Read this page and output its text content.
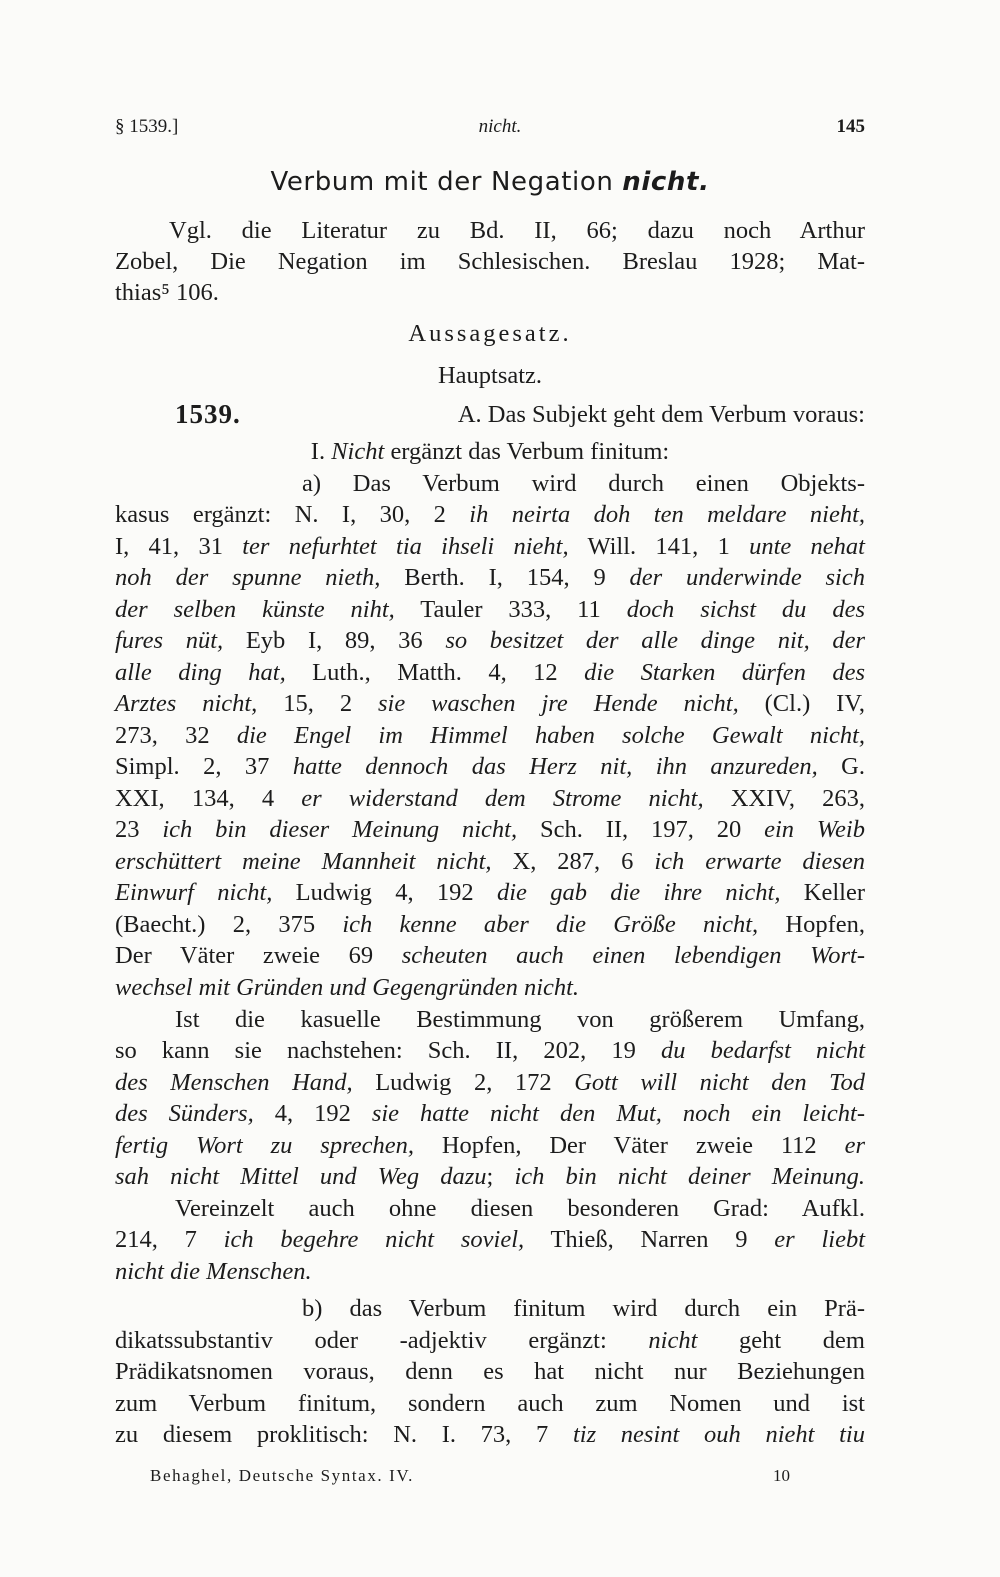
§ 1539.]	nicht.	145
Verbum mit der Negation nicht.
Vgl. die Literatur zu Bd. II, 66; dazu noch Arthur
Zobel, Die Negation im Schlesischen. Breslau 1928; Mat-
thias⁵ 106.
Aussagesatz.
Hauptsatz.
1539.	A. Das Subjekt geht dem Verbum voraus:
I. Nicht ergänzt das Verbum finitum:
a) Das Verbum wird durch einen Objekts-
kasus ergänzt: N. I, 30, 2 ih neirta doh ten meldare nieht,
I, 41, 31 ter nefurhtet tia ihseli nieht, Will. 141, 1 unte nehat
noh der spunne nieth, Berth. I, 154, 9 der underwinde sich
der selben künste niht, Tauler 333, 11 doch sichst du des
fures nüt, Eyb I, 89, 36 so besitzet der alle dinge nit, der
alle ding hat, Luth., Matth. 4, 12 die Starken dürfen des
Arztes nicht, 15, 2 sie waschen jre Hende nicht, (Cl.) IV,
273, 32 die Engel im Himmel haben solche Gewalt nicht,
Simpl. 2, 37 hatte dennoch das Herz nit, ihn anzureden, G.
XXI, 134, 4 er widerstand dem Strome nicht, XXIV, 263,
23 ich bin dieser Meinung nicht, Sch. II, 197, 20 ein Weib
erschüttert meine Mannheit nicht, X, 287, 6 ich erwarte diesen
Einwurf nicht, Ludwig 4, 192 die gab die ihre nicht, Keller
(Baecht.) 2, 375 ich kenne aber die Größe nicht, Hopfen,
Der Väter zweie 69 scheuten auch einen lebendigen Wort-
wechsel mit Gründen und Gegengründen nicht.
Ist die kasuelle Bestimmung von größerem Umfang,
so kann sie nachstehen: Sch. II, 202, 19 du bedarfst nicht
des Menschen Hand, Ludwig 2, 172 Gott will nicht den Tod
des Sünders, 4, 192 sie hatte nicht den Mut, noch ein leicht-
fertig Wort zu sprechen, Hopfen, Der Väter zweie 112 er
sah nicht Mittel und Weg dazu; ich bin nicht deiner Meinung.
Vereinzelt auch ohne diesen besonderen Grad: Aufkl.
214, 7 ich begehre nicht soviel, Thieß, Narren 9 er liebt
nicht die Menschen.
b) das Verbum finitum wird durch ein Prä-
dikatssubstantiv oder -adjektiv ergänzt: nicht geht dem
Prädikatsnomen voraus, denn es hat nicht nur Beziehungen
zum Verbum finitum, sondern auch zum Nomen und ist
zu diesem proklitisch: N. I. 73, 7 tiz nesint ouh nieht tiu
Behaghel, Deutsche Syntax. IV.	10
